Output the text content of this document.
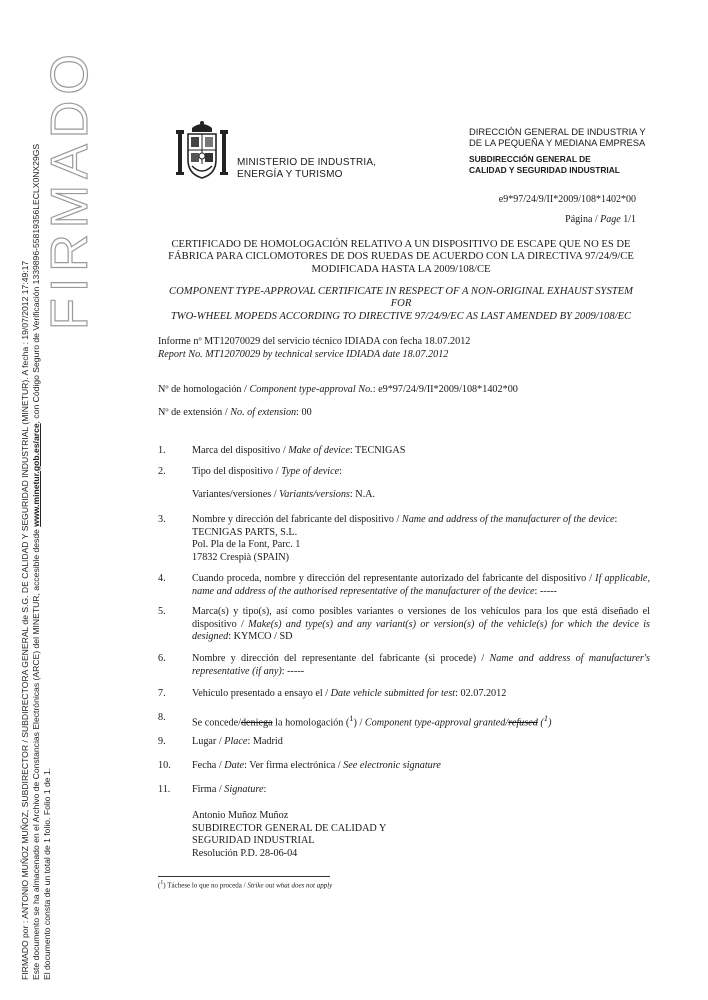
FIRMADO por : ANTONIO MUÑOZ MUÑOZ, SUBDIRECTOR / SUBDIRECTORA GENERAL de S.G. DE CALIDAD Y SEGURIDAD INDUSTRIAL (MINETUR). A fecha : 19/07/2012 17:49:17 Este documento se ha almacenado en el Archivo de Constancias Electrónicas (ARCE) del MINETUR, accesible desde www.minetur.gob.es/arce, con Código Seguro de Verificación 1339896-55819356LECLX0NX29GS
El documento consta de un total de 1 folio. Folio 1 de 1.
FIRMADO	MINISTERIO DE INDUSTRIA,
ENERGÍA Y TURISMO
DIRECCIÓN GENERAL DE INDUSTRIA Y
DE LA PEQUEÑA Y MEDIANA EMPRESA
SUBDIRECCIÓN GENERAL DE
CALIDAD Y SEGURIDAD INDUSTRIAL
e9*97/24/9/II*2009/108*1402*00
Página / Page 1/1
CERTIFICADO DE HOMOLOGACIÓN RELATIVO A UN DISPOSITIVO DE ESCAPE QUE NO ES DE
FÁBRICA PARA CICLOMOTORES DE DOS RUEDAS DE ACUERDO CON LA DIRECTIVA 97/24/9/CE
MODIFICADA HASTA LA 2009/108/CE
COMPONENT TYPE-APPROVAL CERTIFICATE IN RESPECT OF A NON-ORIGINAL EXHAUST SYSTEM FOR
TWO-WHEEL MOPEDS ACCORDING TO DIRECTIVE 97/24/9/EC AS LAST AMENDED BY 2009/108/EC
Informe nº MT12070029 del servicio técnico IDIADA con fecha 18.07.2012
Report No. MT12070029 by technical service IDIADA date 18.07.2012
Nº de homologación / Component type-approval No.: e9*97/24/9/II*2009/108*1402*00
Nº de extensión / No. of extension: 00
1.	Marca del dispositivo / Make of device: TECNIGAS
2.	Tipo del dispositivo / Type of device:
Variantes/versiones / Variants/versions: N.A.
3.	Nombre y dirección del fabricante del dispositivo / Name and address of the manufacturer of the device:
TECNIGAS PARTS, S.L.
Pol. Pla de la Font, Parc. 1
17832 Crespià (SPAIN)
4.	Cuando proceda, nombre y dirección del representante autorizado del fabricante del dispositivo / If applicable, name and address of the authorised representative of the manufacturer of the device: -----
5.	Marca(s) y tipo(s), así como posibles variantes o versiones de los vehículos para los que está diseñado el dispositivo / Make(s) and type(s) and any variant(s) or version(s) of the vehicle(s) for which the device is designed: KYMCO / SD
6.	Nombre y dirección del representante del fabricante (si procede) / Name and address of manufacturer's representative (if any): -----
7.	Vehículo presentado a ensayo el / Date vehicle submitted for test: 02.07.2012
8.	Se concede/deniega la homologación ($^1$) / Component type-approval granted/refused ($^1$)
9.	Lugar / Place: Madrid
10. Fecha / Date: Ver firma electrónica / See electronic signature
11. Firma / Signature:
Antonio Muñoz Muñoz
SUBDIRECTOR GENERAL DE CALIDAD Y
SEGURIDAD INDUSTRIAL
Resolución P.D. 28-06-04
($^1$) Táchese lo que no proceda / Strike out what does not apply
